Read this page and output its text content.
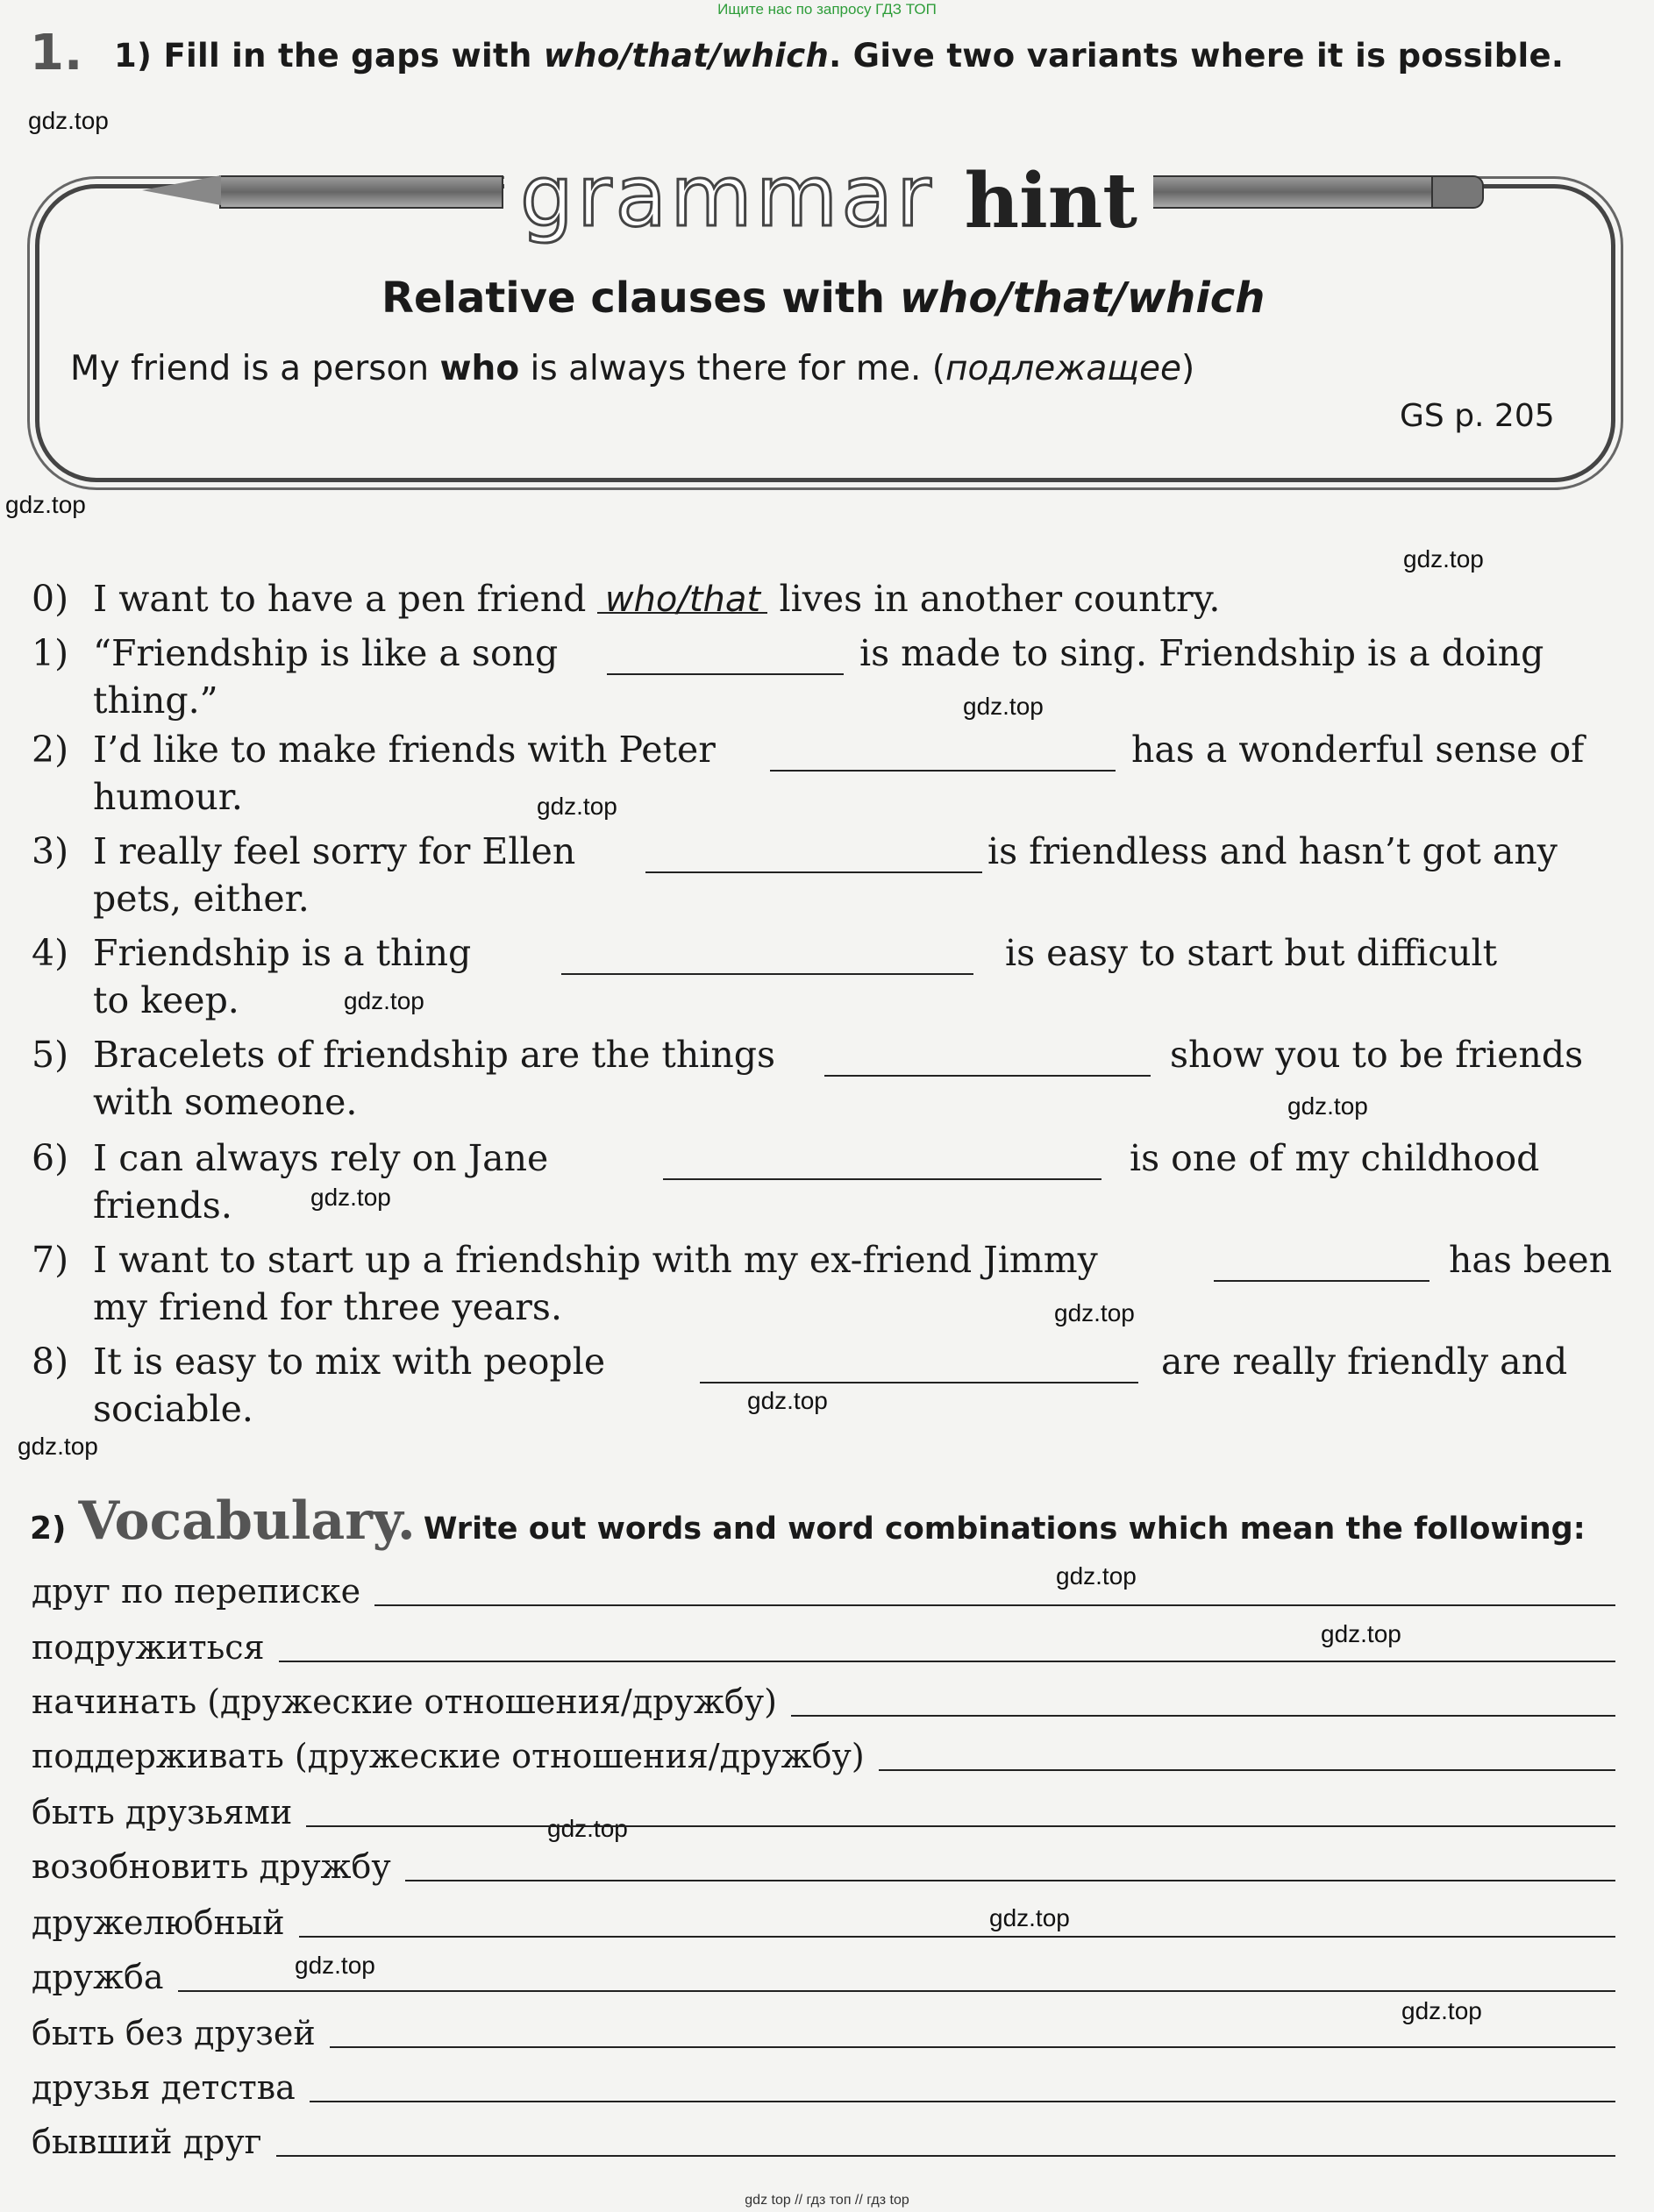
Ищите нас по запросу ГДЗ ТОП
gdz.top
gdz.top
gdz.top
gdz.top
gdz.top
gdz.top
gdz.top
gdz.top
gdz.top
gdz.top
gdz.top
gdz.top
gdz.top
gdz.top
gdz.top
gdz.top
gdz.top
1. 1) Fill in the gaps with who/that/which. Give two variants where it is possible.
grammar hint
Relative clauses with who/that/which
My friend is a person who is always there for me. (подлежащее)
GS p. 205
0) I want to have a pen friend who/that lives in another country.
1) “Friendship is like a song	is made to sing. Friendship is a doing
thing.”
2) I’d like to make friends with Peter	has a wonderful sense of
humour.
3) I really feel sorry for Ellen	is friendless and hasn’t got any
pets, either.
4) Friendship is a thing	is easy to start but difficult
to keep.
5) Bracelets of friendship are the things	show you to be friends
with someone.
6) I can always rely on Jane	is one of my childhood
friends.
7) I want to start up a friendship with my ex-friend Jimmy	has been
my friend for three years.
8) It is easy to mix with people	are really friendly and
sociable.
2) Vocabulary. Write out words and word combinations which mean the following:
друг по переписке
подружиться
начинать (дружеские отношения/дружбу)
поддерживать (дружеские отношения/дружбу)
быть друзьями
возобновить дружбу
дружелюбный
дружба
быть без друзей
друзья детства
бывший друг
gdz top // гдз топ // гдз top
